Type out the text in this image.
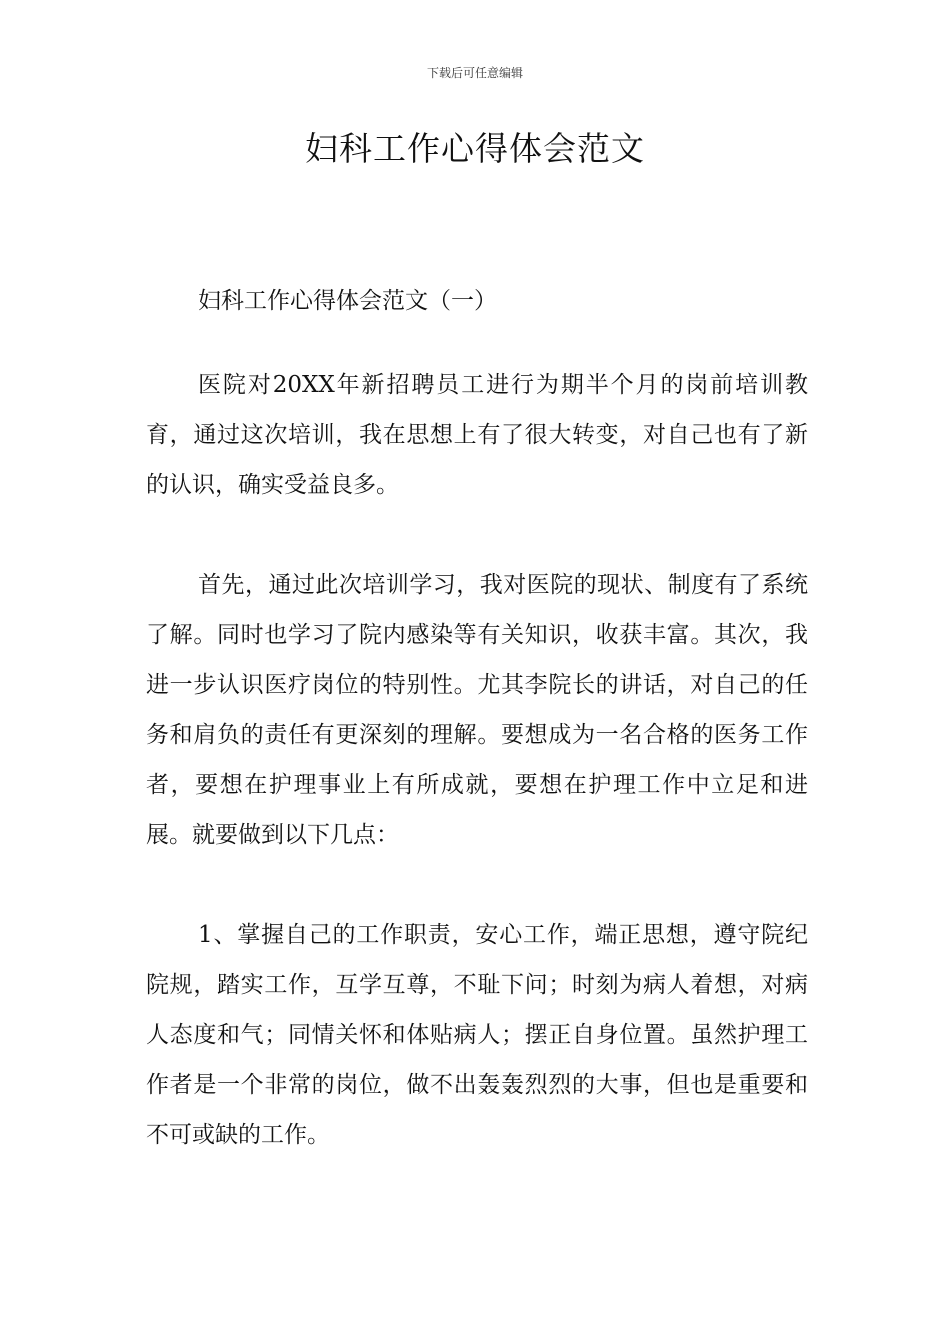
下载后可任意编辑
妇科工作心得体会范文
妇科工作心得体会范文（一）

医院对20XX年新招聘员工进行为期半个月的岗前培训教育，通过这次培训，我在思想上有了很大转变，对自己也有了新的认识，确实受益良多。

首先，通过此次培训学习，我对医院的现状、制度有了系统了解。同时也学习了院内感染等有关知识，收获丰富。其次，我进一步认识医疗岗位的特别性。尤其李院长的讲话，对自己的任务和肩负的责任有更深刻的理解。要想成为一名合格的医务工作者，要想在护理事业上有所成就，要想在护理工作中立足和进展。就要做到以下几点：

1、掌握自己的工作职责，安心工作，端正思想，遵守院纪院规，踏实工作，互学互尊，不耻下问；时刻为病人着想，对病人态度和气；同情关怀和体贴病人；摆正自身位置。虽然护理工作者是一个非常的岗位，做不出轰轰烈烈的大事，但也是重要和不可或缺的工作。
